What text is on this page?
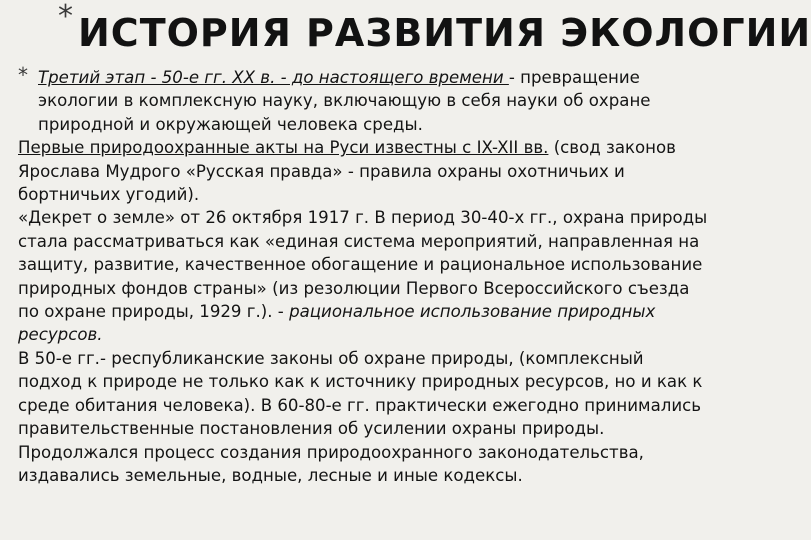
* ИСТОРИЯ РАЗВИТИЯ ЭКОЛОГИИ

* Третий этап - 50-е гг. XX в. - до настоящего времени - превращение экологии в комплексную науку, включающую в себя науки об охране природной и окружающей человека среды.

Первые природоохранные акты на Руси известны с IX-XII вв. (свод законов Ярослава Мудрого «Русская правда» - правила охраны охотничьих и бортничьих угодий).

«Декрет о земле» от 26 октября 1917 г. В период 30-40-х гг., охрана природы стала рассматриваться как «единая система мероприятий, направленная на защиту, развитие, качественное обогащение и рациональное использование природных фондов страны» (из резолюции Первого Всероссийского съезда по охране природы, 1929 г.). - рациональное использование природных ресурсов.

В 50-е гг.- республиканские законы об охране природы, (комплексный подход к природе не только как к источнику природных ресурсов, но и как к среде обитания человека). В 60-80-е гг. практически ежегодно принимались правительственные постановления об усилении охраны природы. Продолжался процесс создания природоохранного законодательства, издавались земельные, водные, лесные и иные кодексы.
